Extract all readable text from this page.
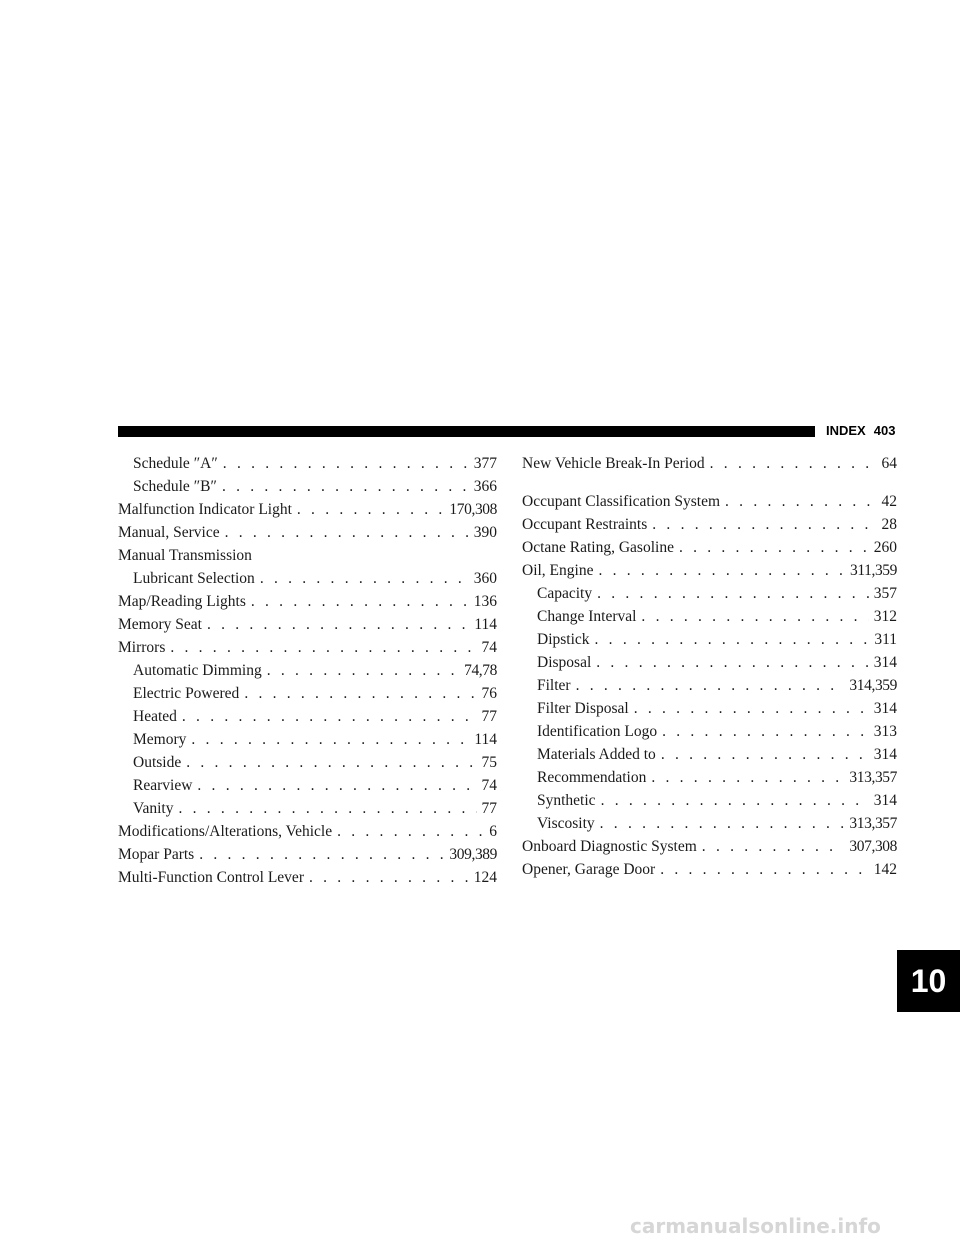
INDEX 403
Schedule ″A″ . . .	377
Schedule ″B″ . . .	366
Malfunction Indicator Light . . .	170,308
Manual, Service . . .	390
Manual Transmission
Lubricant Selection . . .	360
Map/Reading Lights . . .	136
Memory Seat . . .	114
Mirrors . . .	74
Automatic Dimming . . .	74,78
Electric Powered . . .	76
Heated . . .	77
Memory . . .	114
Outside . . .	75
Rearview . . .	74
Vanity . . .	77
Modifications/Alterations, Vehicle . . .	6
Mopar Parts . . .	309,389
Multi-Function Control Lever . . .	124
New Vehicle Break-In Period . . .	64
Occupant Classification System . . .	42
Occupant Restraints . . .	28
Octane Rating, Gasoline . . .	260
Oil, Engine . . .	311,359
Capacity . . .	357
Change Interval . . .	312
Dipstick . . .	311
Disposal . . .	314
Filter . . .	314,359
Filter Disposal . . .	314
Identification Logo . . .	313
Materials Added to . . .	314
Recommendation . . .	313,357
Synthetic . . .	314
Viscosity . . .	313,357
Onboard Diagnostic System . . .	307,308
Opener, Garage Door . . .	142
10
carmanualsonline.info
